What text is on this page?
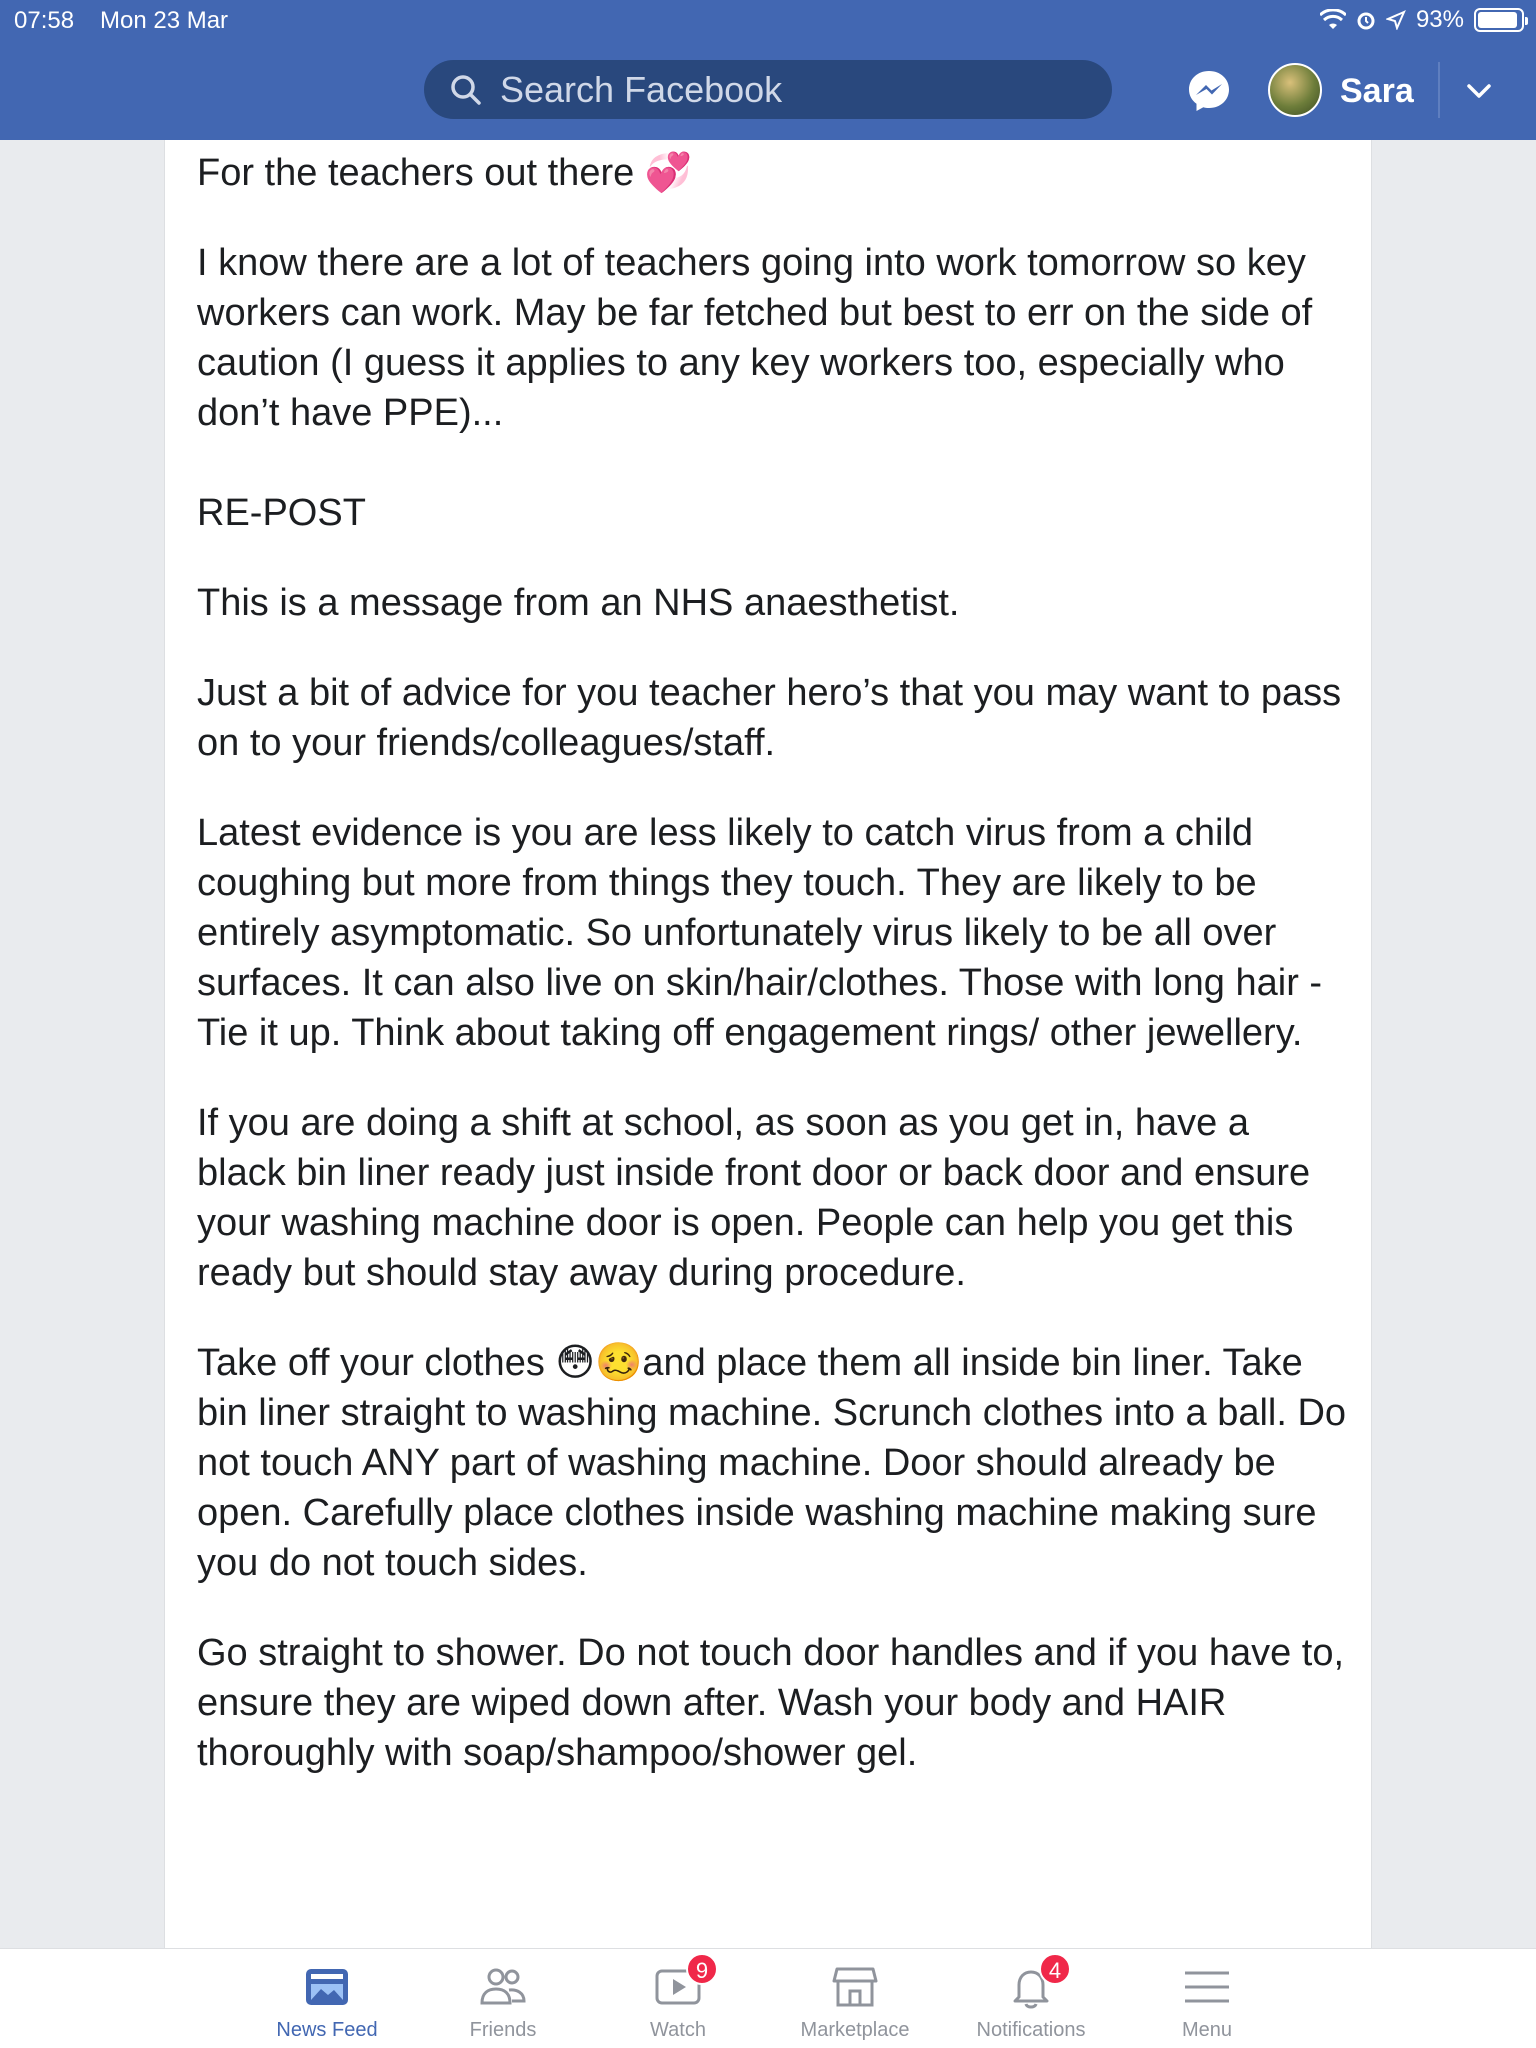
07:58 Mon 23 Mar	93%
Search Facebook
Sara

For the teachers out there 💞

I know there are a lot of teachers going into work tomorrow so key workers can work. May be far fetched but best to err on the side of caution (I guess it applies to any key workers too, especially who don’t have PPE)...

RE-POST

This is a message from an NHS anaesthetist.

Just a bit of advice for you teacher hero’s that you may want to pass on to your friends/colleagues/staff.

Latest evidence is you are less likely to catch virus from a child coughing but more from things they touch. They are likely to be entirely asymptomatic. So unfortunately virus likely to be all over surfaces. It can also live on skin/hair/clothes. Those with long hair - Tie it up. Think about taking off engagement rings/ other jewellery.

If you are doing a shift at school, as soon as you get in, have a black bin liner ready just inside front door or back door and ensure your washing machine door is open. People can help you get this ready but should stay away during procedure.

Take off your clothes 😳🥴and place them all inside bin liner. Take bin liner straight to washing machine. Scrunch clothes into a ball. Do not touch ANY part of washing machine. Door should already be open. Carefully place clothes inside washing machine making sure you do not touch sides.

Go straight to shower. Do not touch door handles and if you have to, ensure they are wiped down after. Wash your body and HAIR thoroughly with soap/shampoo/shower gel.

News Feed	Friends
9
Watch	Marketplace
4
Notifications	Menu
